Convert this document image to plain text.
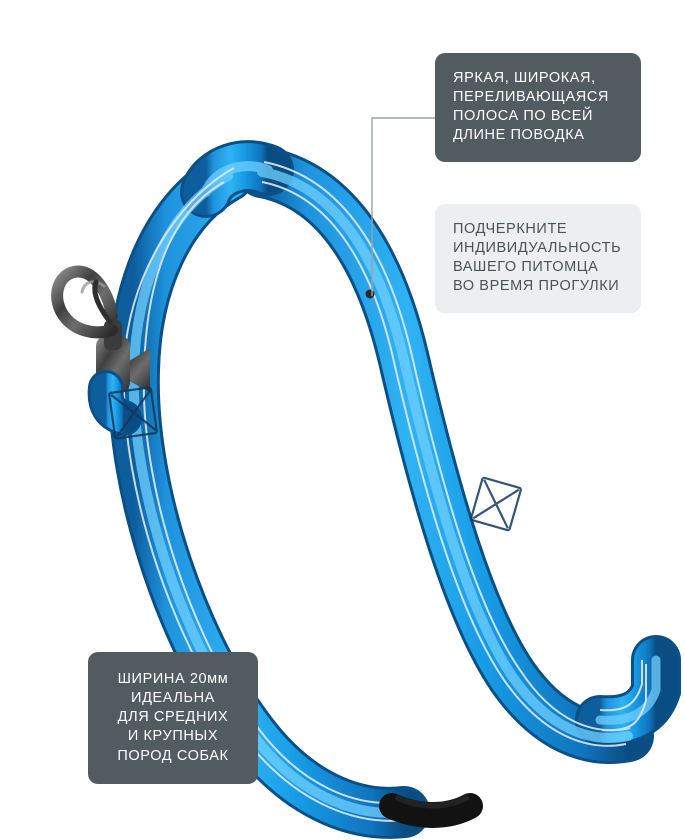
ЯРКАЯ, ШИРОКАЯ,
ПЕРЕЛИВАЮЩАЯСЯ
ПОЛОСА ПО ВСЕЙ
ДЛИНЕ ПОВОДКА
ПОДЧЕРКНИТЕ
ИНДИВИДУАЛЬНОСТЬ
ВАШЕГО ПИТОМЦА
ВО ВРЕМЯ ПРОГУЛКИ
ШИРИНА 20мм
ИДЕАЛЬНА
ДЛЯ СРЕДНИХ
И КРУПНЫХ
ПОРОД СОБАК
